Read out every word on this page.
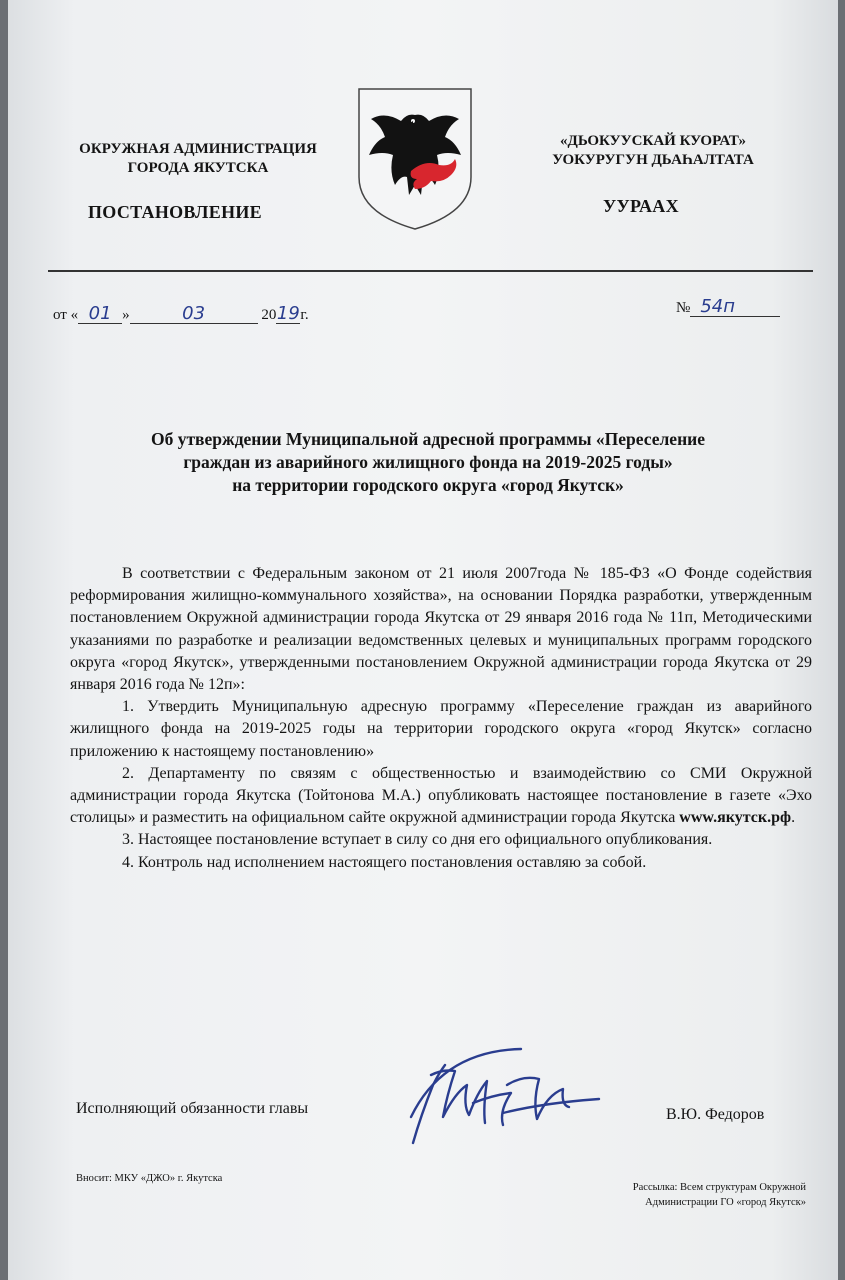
ОКРУЖНАЯ АДМИНИСТРАЦИЯ
ГОРОДА ЯКУТСКА
ПОСТАНОВЛЕНИЕ
«ДЬОКУУСКАЙ КУОРАТ»
УОКУРУГУН ДЬАҺАЛТАТА
УУРААХ
от « 01 »	03	2019г.	№ 54п
Об утверждении Муниципальной адресной программы «Переселение
граждан из аварийного жилищного фонда на 2019-2025 годы»
на территории городского округа «город Якутск»

В соответствии с Федеральным законом от 21 июля 2007года № 185-ФЗ «О Фонде содействия реформирования жилищно-коммунального хозяйства», на основании Порядка разработки, утвержденным постановлением Окружной администрации города Якутска от 29 января 2016 года № 11п, Методическими указаниями по разработке и реализации ведомственных целевых и муниципальных программ городского округа «город Якутск», утвержденными постановлением Окружной администрации города Якутска от 29 января 2016 года № 12п»:

1. Утвердить Муниципальную адресную программу «Переселение граждан из аварийного жилищного фонда на 2019-2025 годы на территории городского округа «город Якутск» согласно приложению к настоящему постановлению»

2. Департаменту по связям с общественностью и взаимодействию со СМИ Окружной администрации города Якутска (Тойтонова М.А.) опубликовать настоящее постановление в газете «Эхо столицы» и разместить на официальном сайте окружной администрации города Якутска www.якутск.рф.

3. Настоящее постановление вступает в силу со дня его официального опубликования.

4. Контроль над исполнением настоящего постановления оставляю за собой.

Исполняющий обязанности главы	В.Ю. Федоров
Вносит: МКУ «ДЖО» г. Якутска
Рассылка: Всем структурам Окружной
Администрации ГО «город Якутск»
